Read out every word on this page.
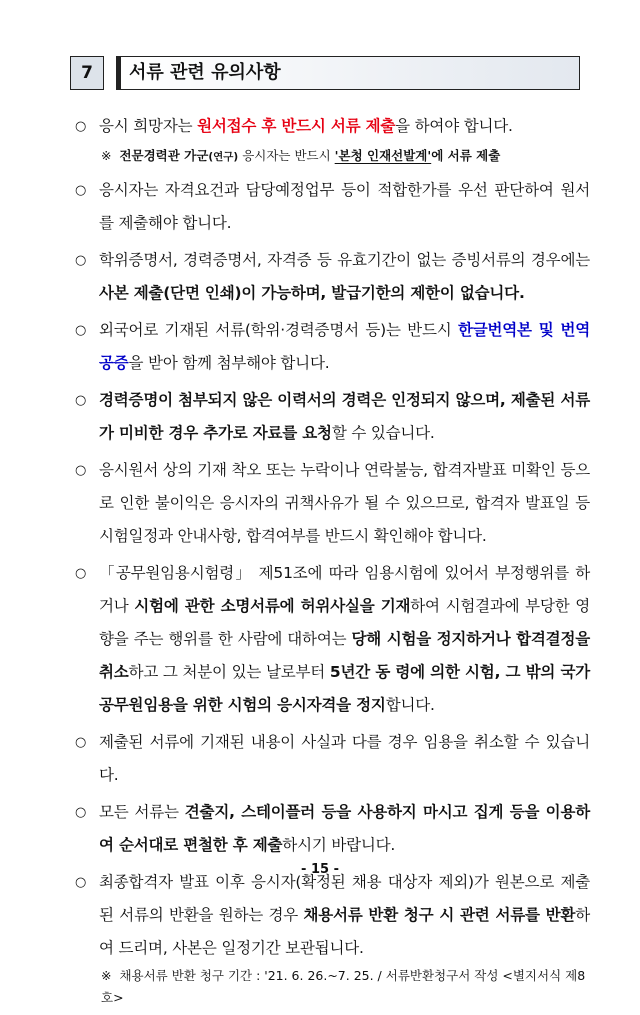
7	서류 관련 유의사항
○ 응시 희망자는 원서접수 후 반드시 서류 제출을 하여야 합니다.
※ 전문경력관 가군(연구) 응시자는 반드시 '본청 인재선발계'에 서류 제출
○ 응시자는 자격요건과 담당예정업무 등이 적합한가를 우선 판단하여 원서를 제출해야 합니다.
○ 학위증명서, 경력증명서, 자격증 등 유효기간이 없는 증빙서류의 경우에는 사본 제출(단면 인쇄)이 가능하며, 발급기한의 제한이 없습니다.
○ 외국어로 기재된 서류(학위·경력증명서 등)는 반드시 한글번역본 및 번역 공증을 받아 함께 첨부해야 합니다.
○ 경력증명이 첨부되지 않은 이력서의 경력은 인정되지 않으며, 제출된 서류가 미비한 경우 추가로 자료를 요청할 수 있습니다.
○ 응시원서 상의 기재 착오 또는 누락이나 연락불능, 합격자발표 미확인 등으로 인한 불이익은 응시자의 귀책사유가 될 수 있으므로, 합격자 발표일 등 시험일정과 안내사항, 합격여부를 반드시 확인해야 합니다.
○ 「공무원임용시험령」 제51조에 따라 임용시험에 있어서 부정행위를 하거나 시험에 관한 소명서류에 허위사실을 기재하여 시험결과에 부당한 영향을 주는 행위를 한 사람에 대하여는 당해 시험을 정지하거나 합격결정을 취소하고 그 처분이 있는 날로부터 5년간 동 령에 의한 시험, 그 밖의 국가공무원임용을 위한 시험의 응시자격을 정지합니다.
○ 제출된 서류에 기재된 내용이 사실과 다를 경우 임용을 취소할 수 있습니다.
○ 모든 서류는 견출지, 스테이플러 등을 사용하지 마시고 집게 등을 이용하여 순서대로 편철한 후 제출하시기 바랍니다.
○ 최종합격자 발표 이후 응시자(확정된 채용 대상자 제외)가 원본으로 제출된 서류의 반환을 원하는 경우 채용서류 반환 청구 시 관련 서류를 반환하여 드리며, 사본은 일정기간 보관됩니다.
※ 채용서류 반환 청구 기간 : '21. 6. 26.~7. 25. / 서류반환청구서 작성 <별지서식 제8호>
- 15 -
